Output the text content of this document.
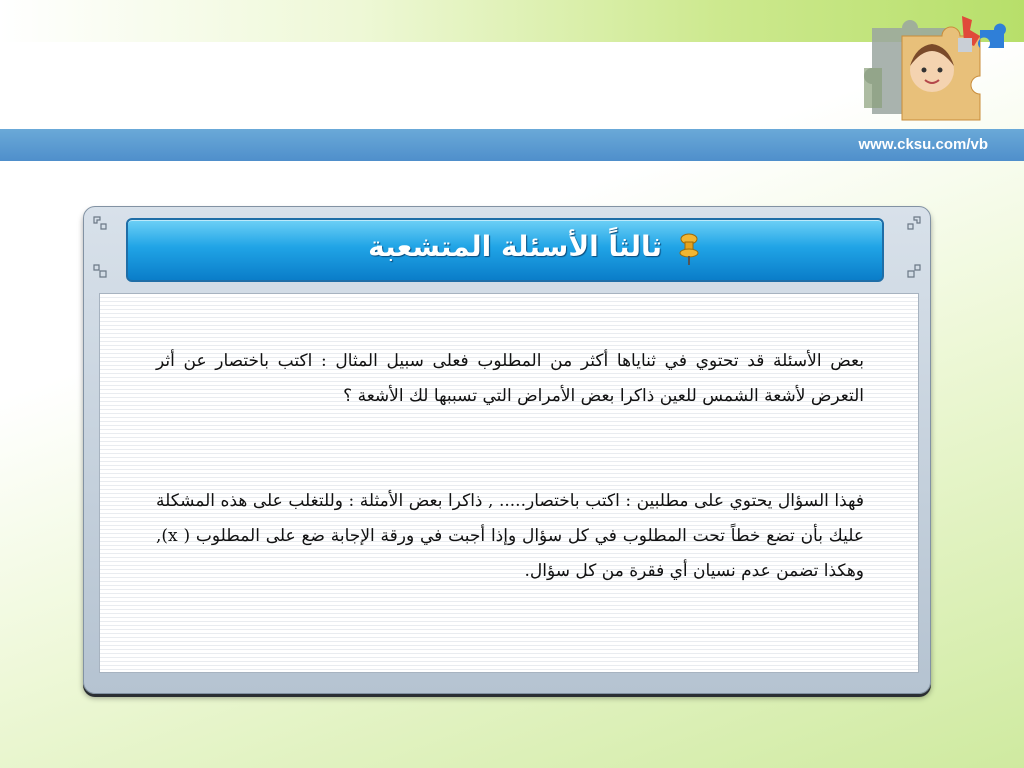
www.cksu.com/vb
ثالثاً الأسئلة المتشعبة

بعض الأسئلة قد تحتوي في ثناياها أكثر من المطلوب فعلى سبيل المثال : اكتب باختصار عن أثر التعرض لأشعة الشمس للعين ذاكرا بعض الأمراض التي تسببها لك الأشعة ؟

فهذا السؤال يحتوي على مطلبين : اكتب باختصار..... , ذاكرا بعض الأمثلة : وللتغلب على هذه المشكلة عليك بأن تضع خطاً تحت المطلوب في كل سؤال وإذا أجبت في ورقة الإجابة ضع على المطلوب ( x), وهكذا تضمن عدم نسيان أي فقرة من كل سؤال.
